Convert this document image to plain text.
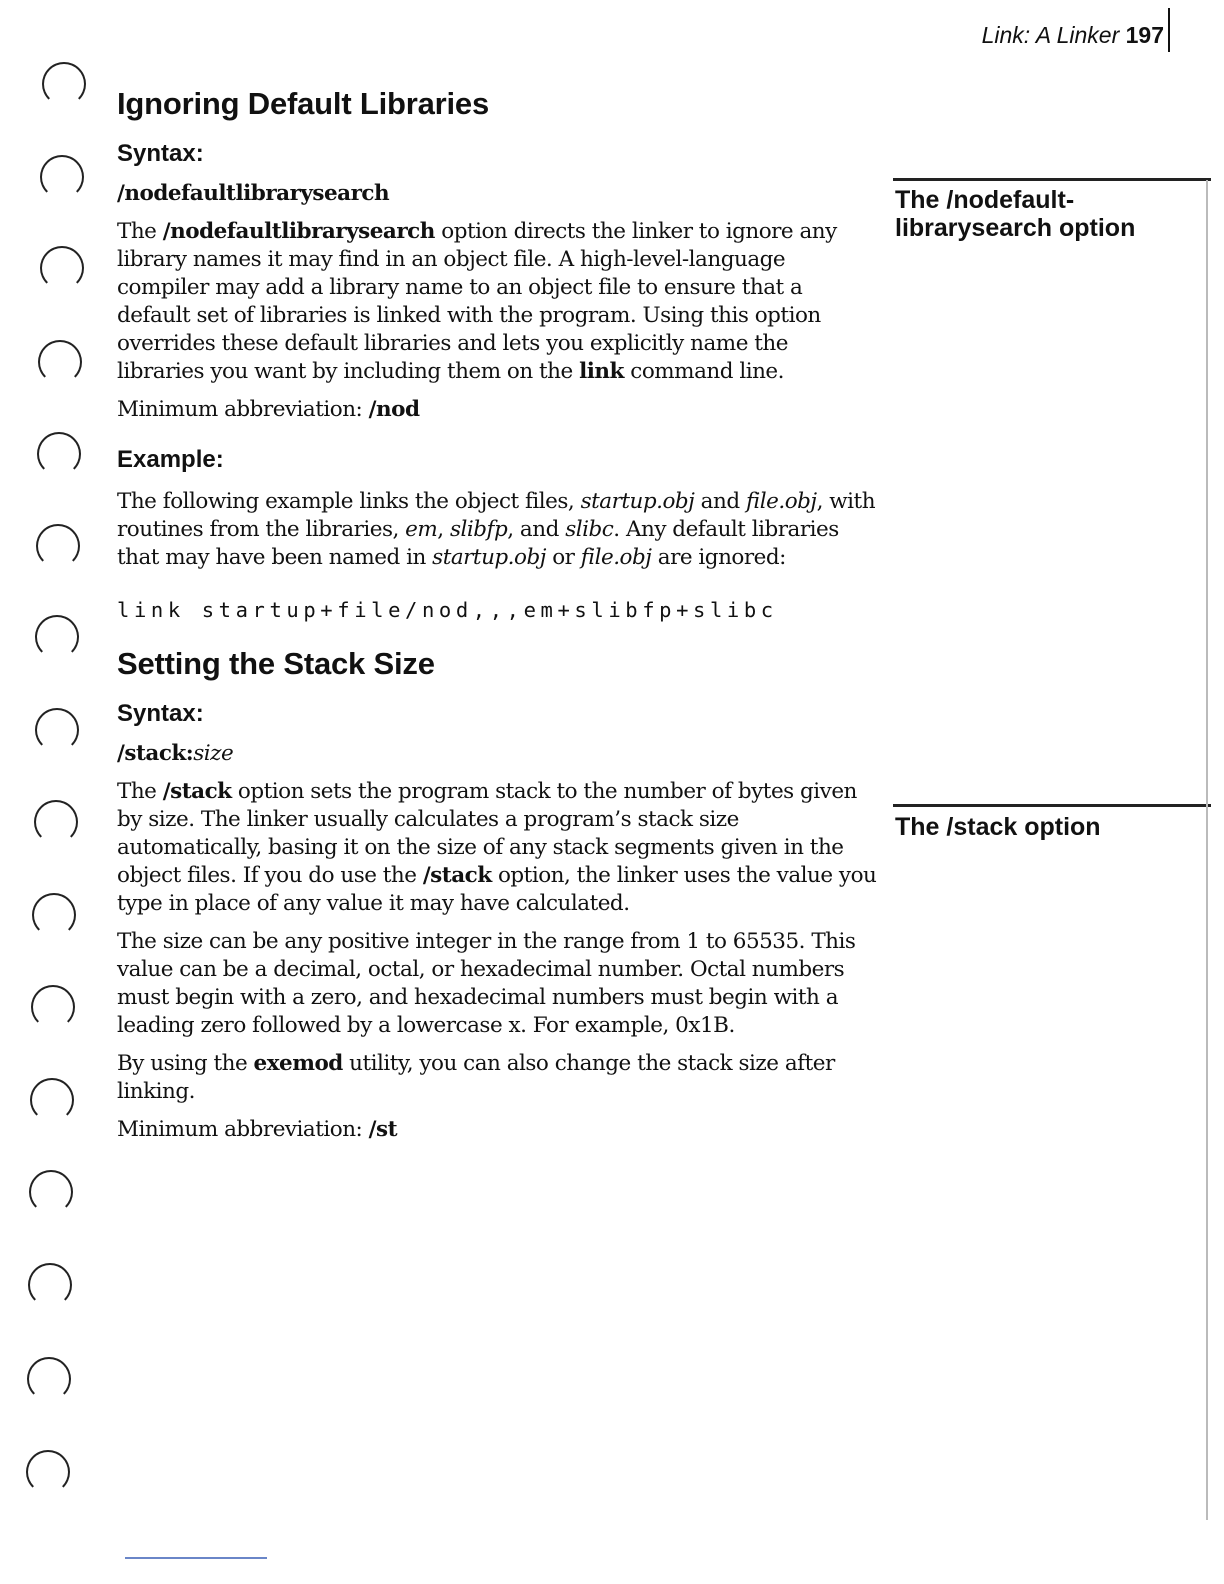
Link: A Linker 197
The /nodefault-librarysearch option
The /stack option
Ignoring Default Libraries
Syntax:

/nodefaultlibrarysearch

The /nodefaultlibrarysearch option directs the linker to ignore any library names it may find in an object file. A high-level-language compiler may add a library name to an object file to ensure that a default set of libraries is linked with the program. Using this option overrides these default libraries and lets you explicitly name the libraries you want by including them on the link command line.

Minimum abbreviation: /nod

Example:

The following example links the object files, startup.obj and file.obj, with routines from the libraries, em, slibfp, and slibc. Any default libraries that may have been named in startup.obj or file.obj are ignored:

link startup+file/nod,,,em+slibfp+slibc

Setting the Stack Size
Syntax:

/stack:size

The /stack option sets the program stack to the number of bytes given by size. The linker usually calculates a program’s stack size automatically, basing it on the size of any stack segments given in the object files. If you do use the /stack option, the linker uses the value you type in place of any value it may have calculated.

The size can be any positive integer in the range from 1 to 65535. This value can be a decimal, octal, or hexadecimal number. Octal numbers must begin with a zero, and hexadecimal numbers must begin with a leading zero followed by a lowercase x. For example, 0x1B.

By using the exemod utility, you can also change the stack size after linking.

Minimum abbreviation: /st
